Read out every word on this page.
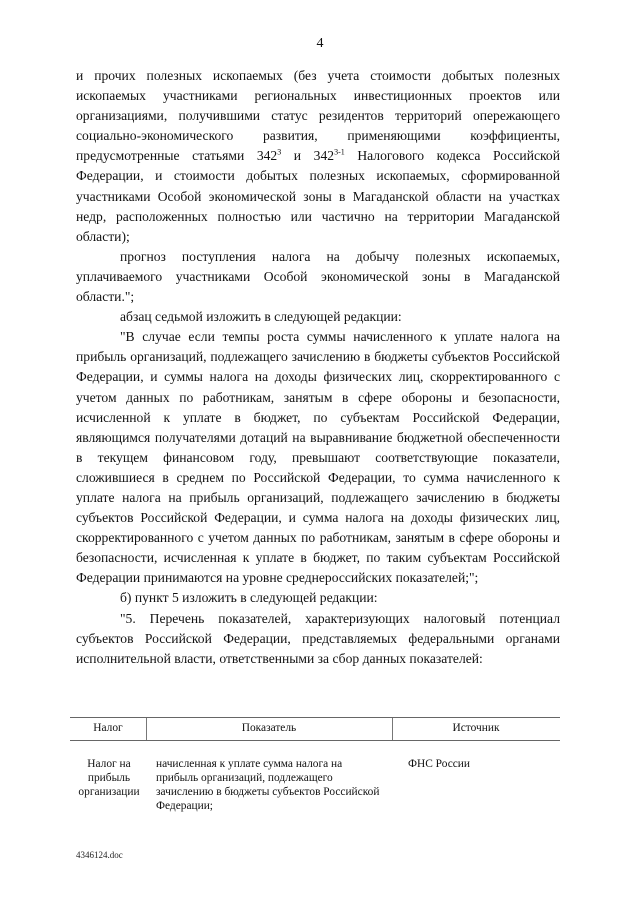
4

и прочих полезных ископаемых (без учета стоимости добытых полезных ископаемых участниками региональных инвестиционных проектов или организациями, получившими статус резидентов территорий опережающего социально-экономического развития, применяющими коэффициенты, предусмотренные статьями $342^3$ и 342$^{3-1}$ Налогового кодекса Российской Федерации, и стоимости добытых полезных ископаемых, сформированной участниками Особой экономической зоны в Магаданской области на участках недр, расположенных полностью или частично на территории Магаданской области);

прогноз поступления налога на добычу полезных ископаемых, уплачиваемого участниками Особой экономической зоны в Магаданской области.";

абзац седьмой изложить в следующей редакции:

"В случае если темпы роста суммы начисленного к уплате налога на прибыль организаций, подлежащего зачислению в бюджеты субъектов Российской Федерации, и суммы налога на доходы физических лиц, скорректированного с учетом данных по работникам, занятым в сфере обороны и безопасности, исчисленной к уплате в бюджет, по субъектам Российской Федерации, являющимся получателями дотаций на выравнивание бюджетной обеспеченности в текущем финансовом году, превышают соответствующие показатели, сложившиеся в среднем по Российской Федерации, то сумма начисленного к уплате налога на прибыль организаций, подлежащего зачислению в бюджеты субъектов Российской Федерации, и сумма налога на доходы физических лиц, скорректированного с учетом данных по работникам, занятым в сфере обороны и безопасности, исчисленная к уплате в бюджет, по таким субъектам Российской Федерации принимаются на уровне среднероссийских показателей;";

б) пункт 5 изложить в следующей редакции:

"5. Перечень показателей, характеризующих налоговый потенциал субъектов Российской Федерации, представляемых федеральными органами исполнительной власти, ответственными за сбор данных показателей:

Налог	Показатель	Источник
Налог на прибыль организации
начисленная к уплате сумма налога на прибыль организаций, подлежащего зачислению в бюджеты субъектов Российской Федерации;
ФНС России
4346124.doc
